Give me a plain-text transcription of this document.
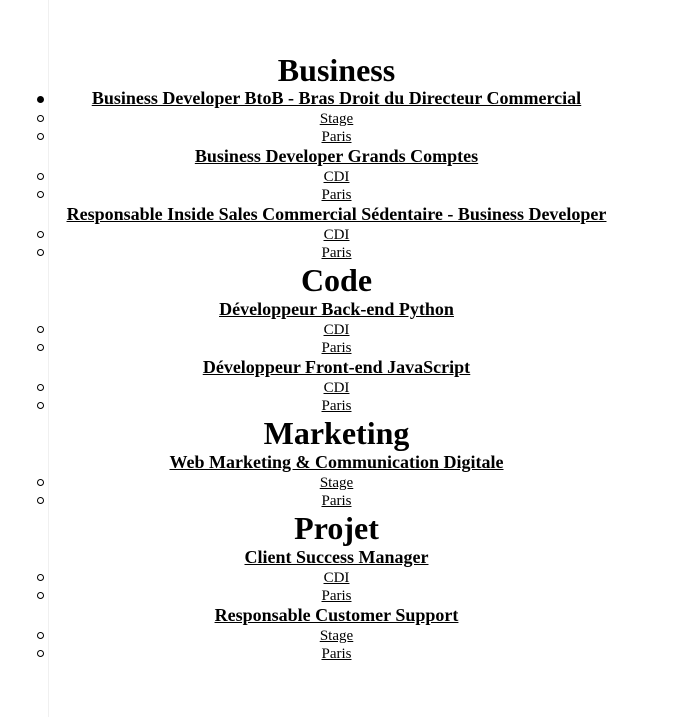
Business
Business Developer BtoB - Bras Droit du Directeur Commercial
Stage
Paris
Business Developer Grands Comptes
CDI
Paris
Responsable Inside Sales Commercial Sédentaire - Business Developer
CDI
Paris
Code
Développeur Back-end Python
CDI
Paris
Développeur Front-end JavaScript
CDI
Paris
Marketing
Web Marketing & Communication Digitale
Stage
Paris
Projet
Client Success Manager
CDI
Paris
Responsable Customer Support
Stage
Paris
